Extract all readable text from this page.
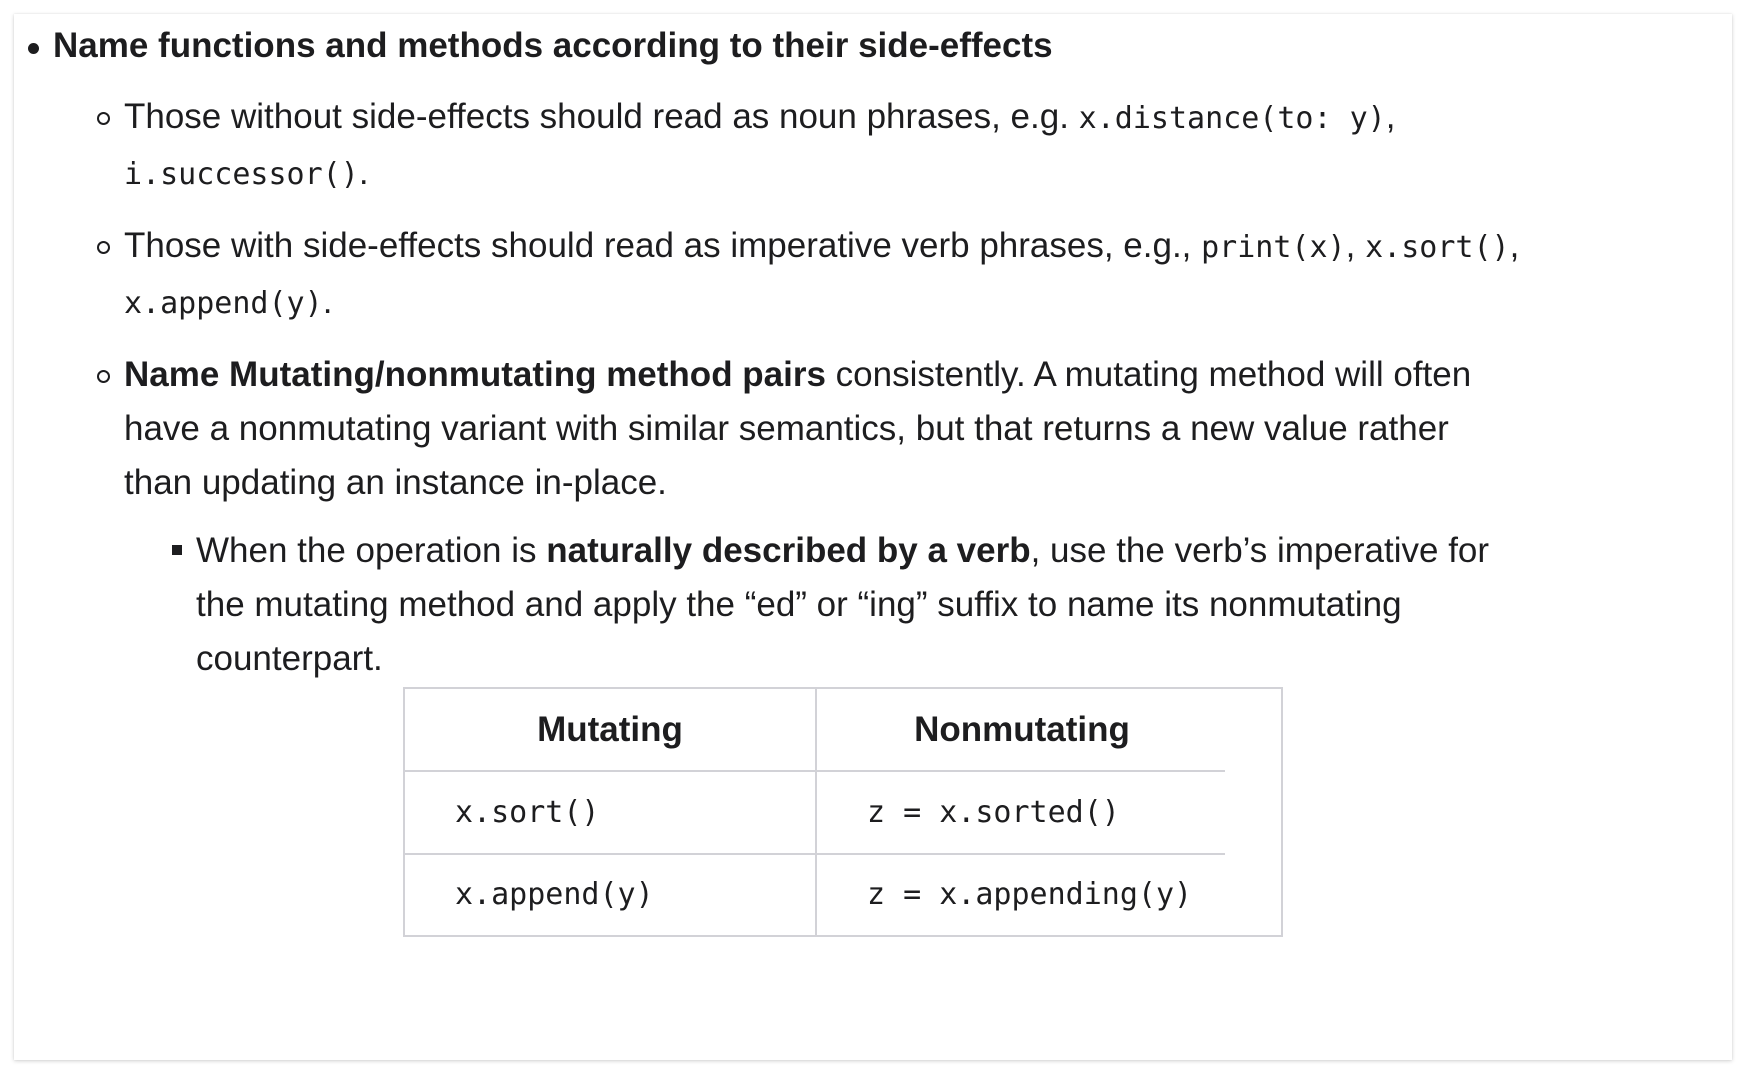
Name functions and methods according to their side-effects
Those without side-effects should read as noun phrases, e.g. x.distance(to: y),
i.successor().
Those with side-effects should read as imperative verb phrases, e.g., print(x), x.sort(),
x.append(y).
Name Mutating/nonmutating method pairs consistently. A mutating method will often have a nonmutating variant with similar semantics, but that returns a new value rather than updating an instance in-place.
When the operation is naturally described by a verb, use the verb’s imperative for the mutating method and apply the “ed” or “ing” suffix to name its nonmutating counterpart.
Mutating	Nonmutating
x.sort()	z = x.sorted()
x.append(y)	z = x.appending(y)
